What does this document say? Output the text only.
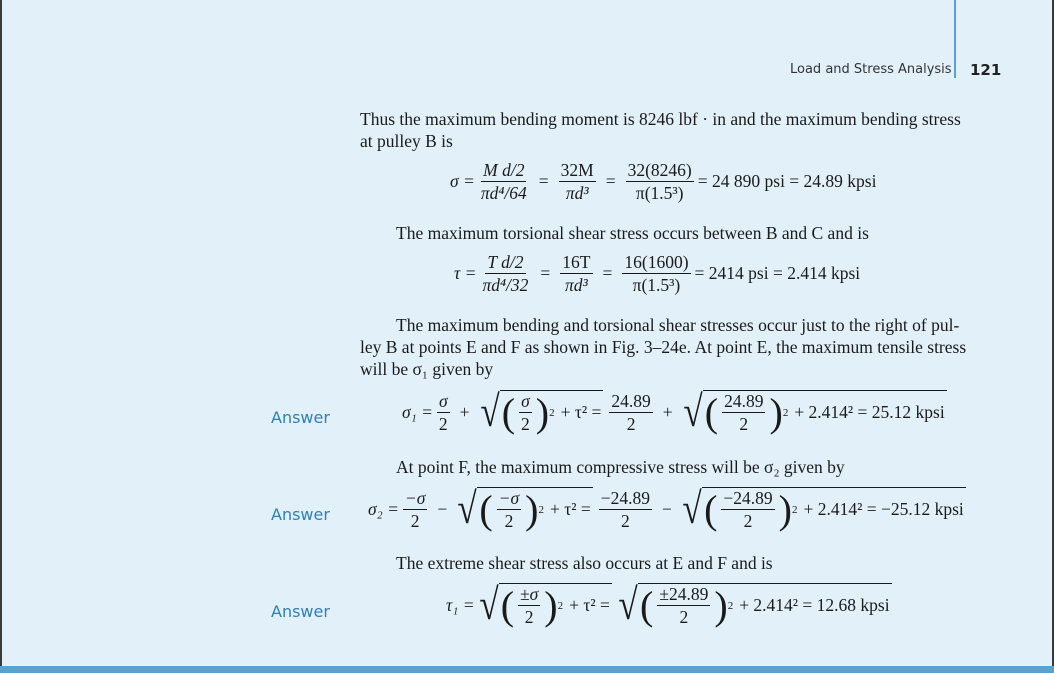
Load and Stress Analysis 121
Thus the maximum bending moment is 8246 lbf · in and the maximum bending stress
at pulley B is
$\sigma = \frac{\text{M d/2}}{\text{πd⁴/64}} = \frac{32M}{\text{πd³}} = \frac{32(8246)}{\text{π(1.5³)}} = 24$ 890 psi = 24.89 kpsi
The maximum torsional shear stress occurs between B and C and is
$\tau = \frac{\text{T d/2}}{\text{πd⁴/32}} = \frac{16T}{\text{πd³}} = \frac{16(1600)}{\text{π(1.5³)}} = 2414$ psi = 2.414 kpsi
The maximum bending and torsional shear stresses occur just to the right of pul-
ley B at points E and F as shown in Fig. 3–24e. At point E, the maximum tensile stress
will be σ₁ given by
Answer	$\sigma_1 = \frac{\sigma}{2}$ + √ ( $\frac{\sigma}{2}$ ) $2 + \tau^2 = \frac{24.89}{2}$ + √ ( $\frac{24.89}{2}$ ) 2 + 2.414² = 25.12 kpsi
At point F, the maximum compressive stress will be σ₂ given by
Answer $\sigma_2 = \frac{-\sigma}{2}$ − √ ( $\frac{-\sigma}{2}$ ) $2 + \tau^2 = \frac{-24.89}{2}$ − √ ( $\frac{-24.89}{2}$ ) 2 + 2.414² = −25.12 kpsi
The extreme shear stress also occurs at E and F and is
Answer	τ₁ = √ ( $\frac{\pm\sigma}{2}$ ) 2 + τ² = √ ( $\frac{\pm 24.89}{2}$ ) 2 + 2.414² = 12.68 kpsi
